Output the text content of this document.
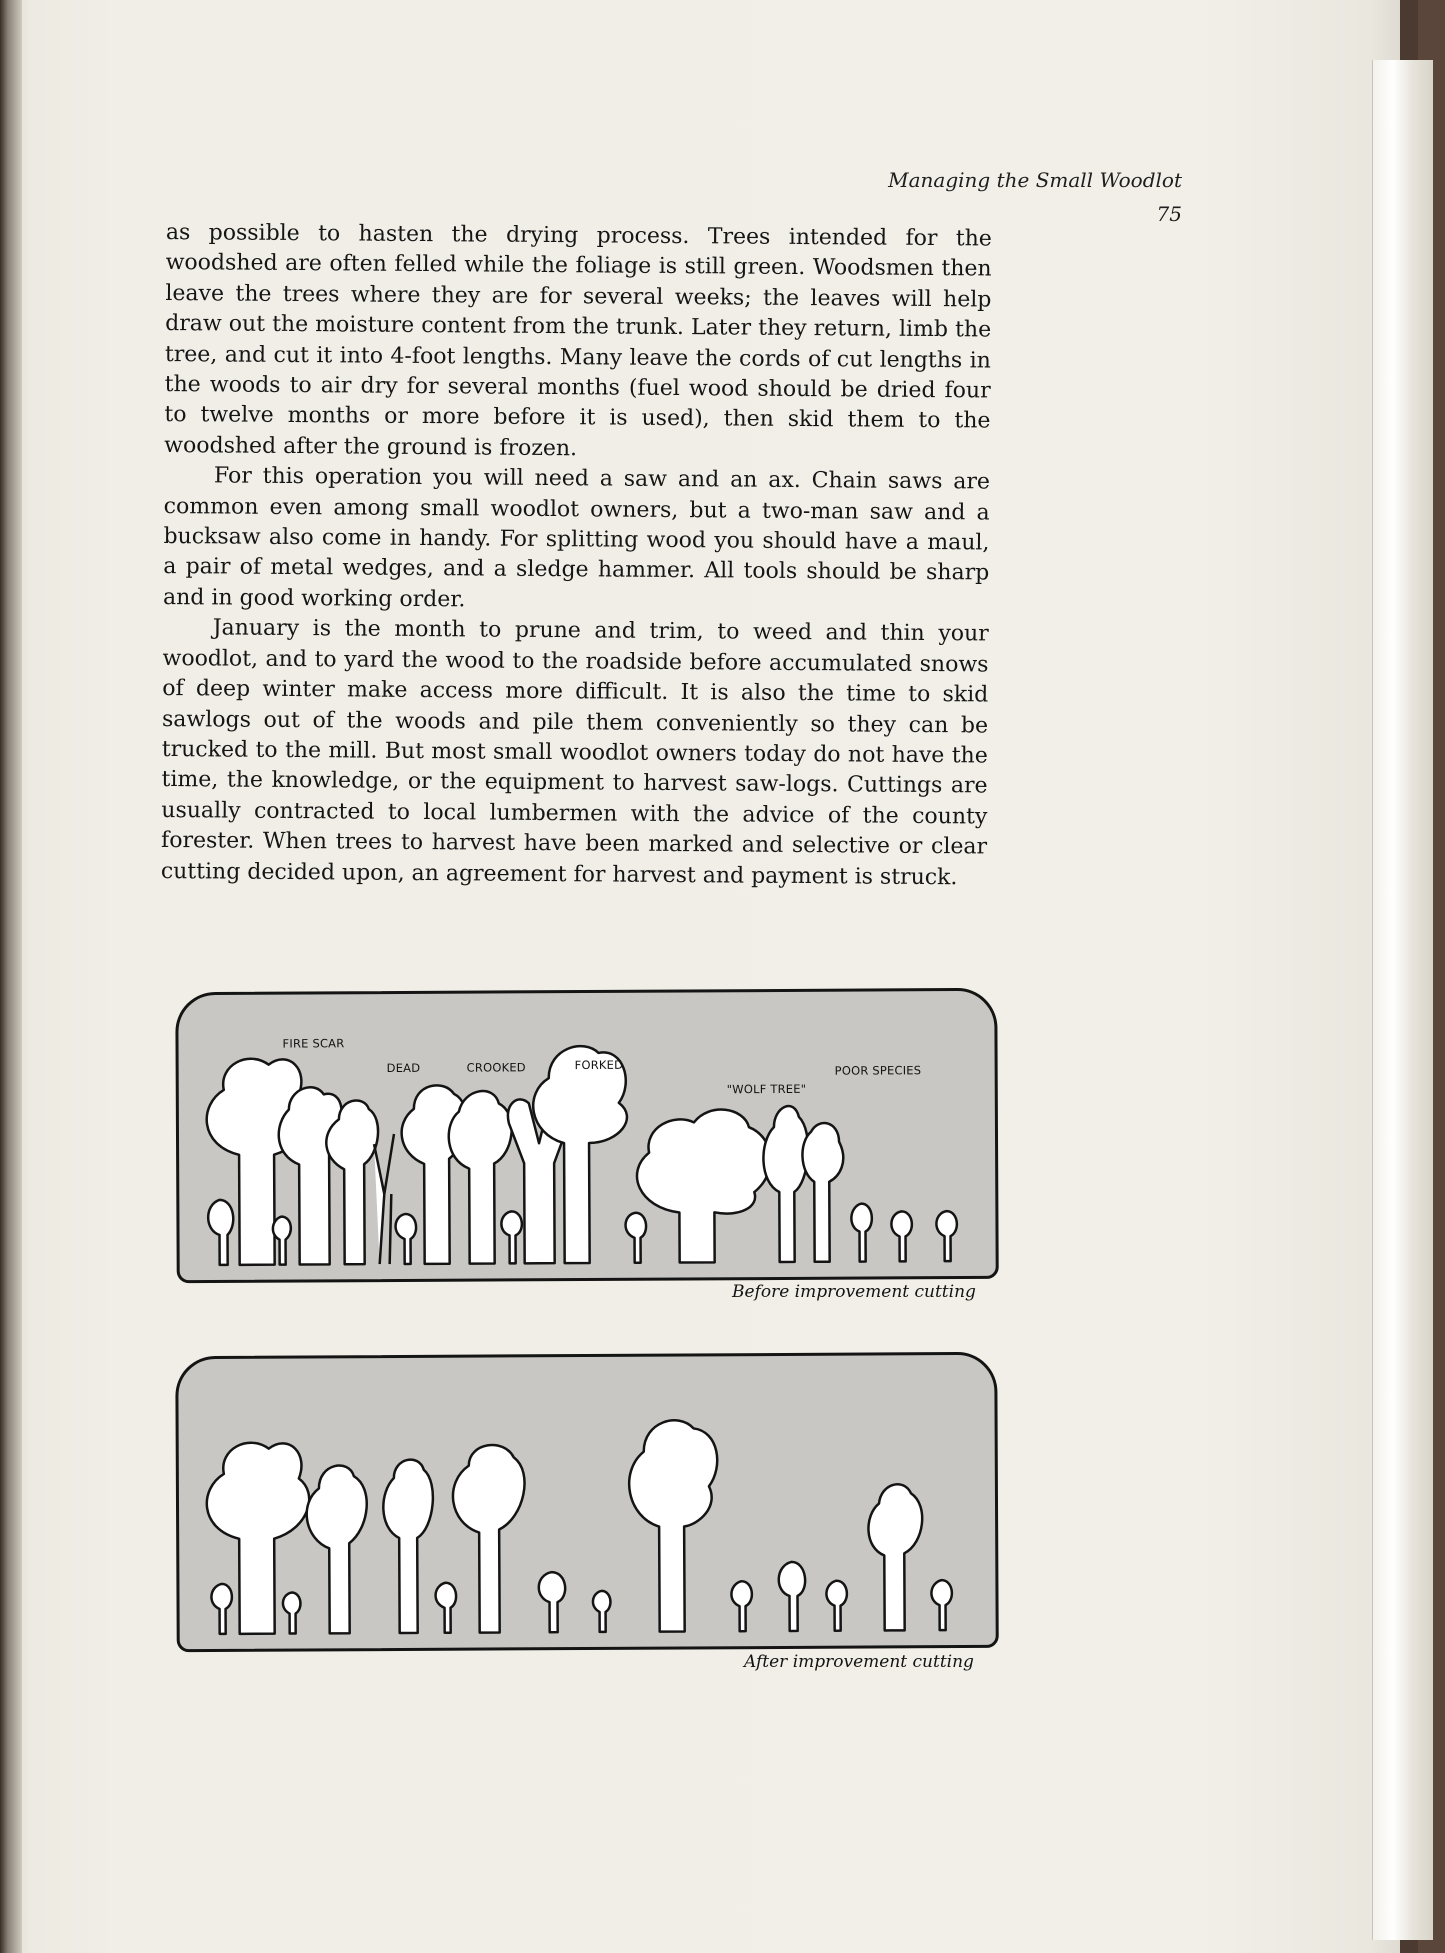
Managing the Small Woodlot
75

as possible to hasten the drying process. Trees intended for the woodshed are often felled while the foliage is still green. Woodsmen then leave the trees where they are for several weeks; the leaves will help draw out the moisture content from the trunk. Later they return, limb the tree, and cut it into 4-foot lengths. Many leave the cords of cut lengths in the woods to air dry for several months (fuel wood should be dried four to twelve months or more before it is used), then skid them to the woodshed after the ground is frozen.

For this operation you will need a saw and an ax. Chain saws are common even among small woodlot owners, but a two-man saw and a bucksaw also come in handy. For splitting wood you should have a maul, a pair of metal wedges, and a sledge hammer. All tools should be sharp and in good working order.

January is the month to prune and trim, to weed and thin your woodlot, and to yard the wood to the roadside before accumulated snows of deep winter make access more difficult. It is also the time to skid sawlogs out of the woods and pile them conveniently so they can be trucked to the mill. But most small woodlot owners today do not have the time, the knowledge, or the equipment to harvest saw-logs. Cuttings are usually contracted to local lumbermen with the advice of the county forester. When trees to harvest have been marked and selective or clear cutting decided upon, an agreement for harvest and payment is struck.

FIRE SCAR
DEAD	CROOKED	FORKED
"WOLF TREE"
POOR SPECIES
Before improvement cutting
After improvement cutting
